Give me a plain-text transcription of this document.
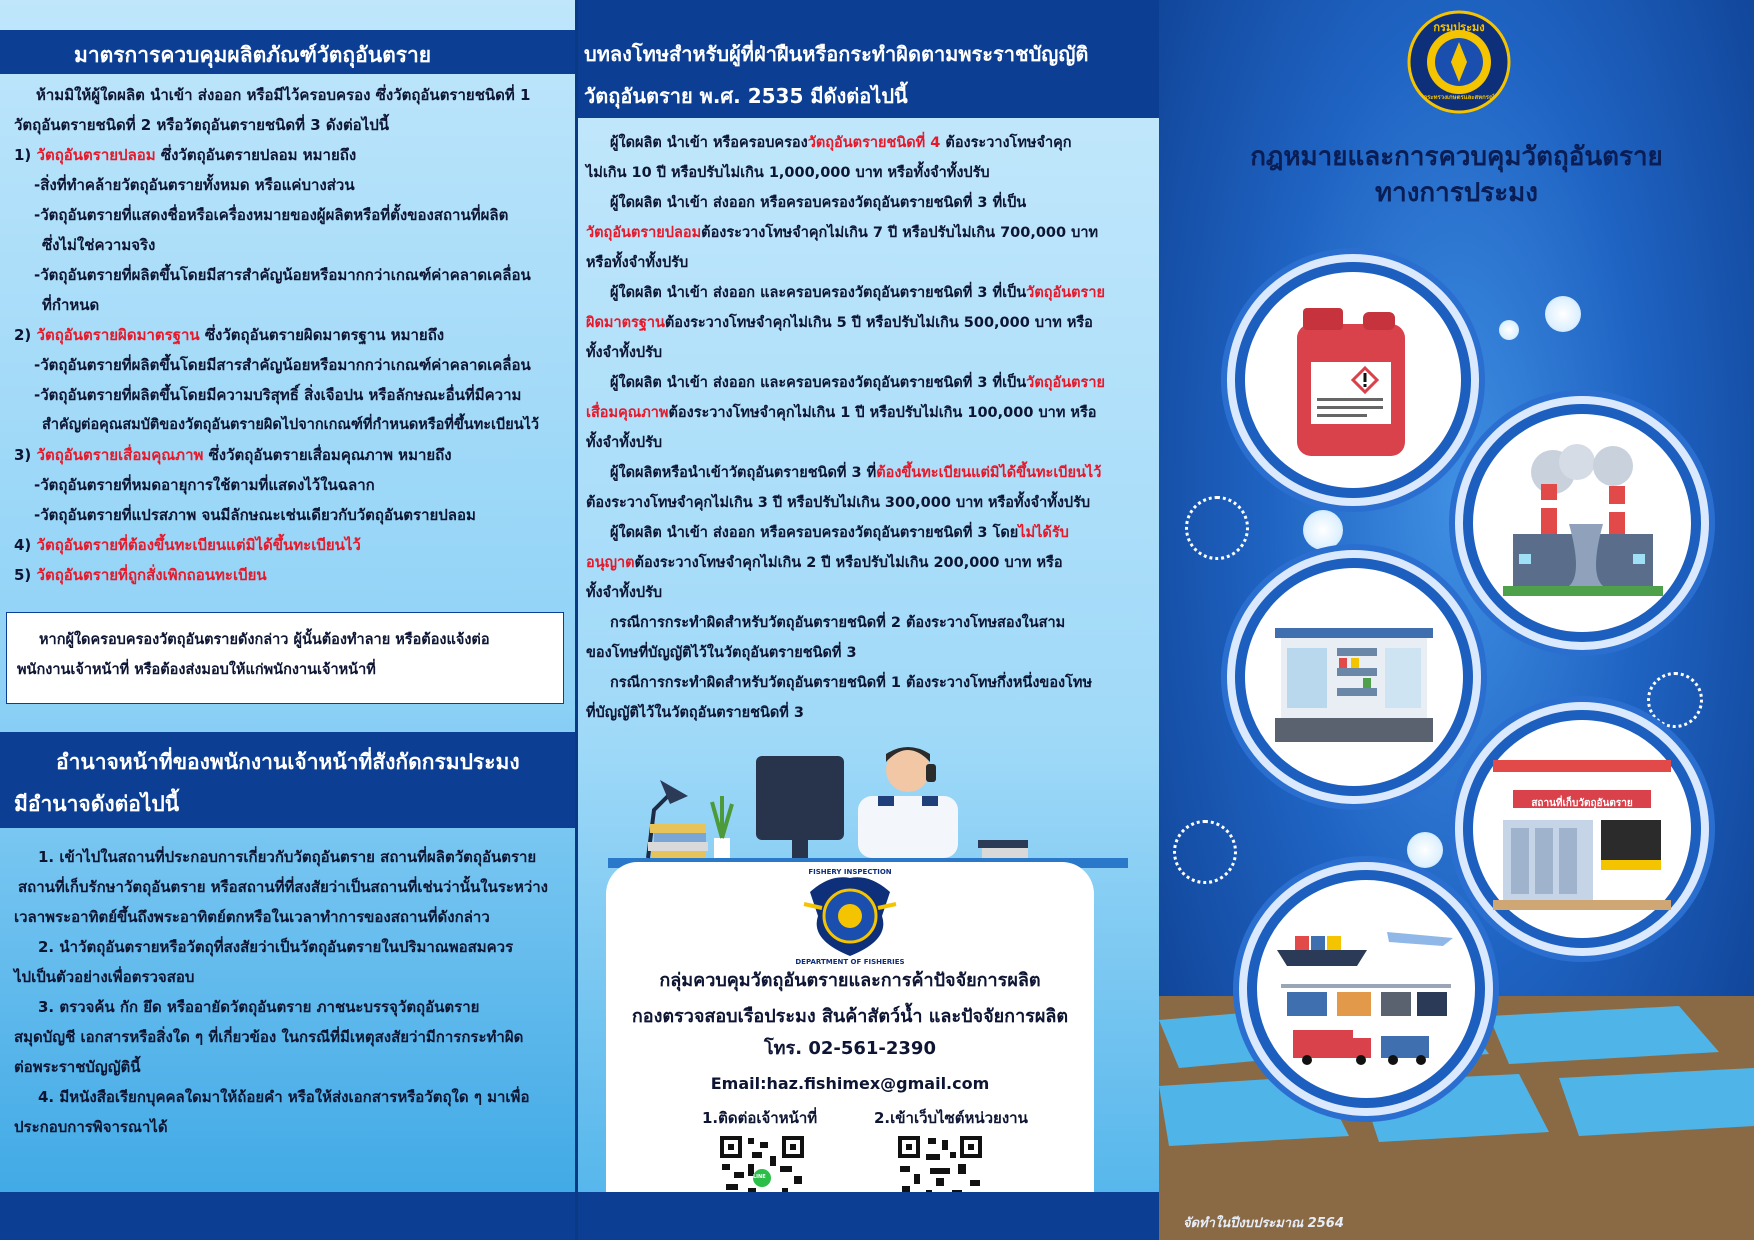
มาตรการควบคุมผลิตภัณฑ์วัตถุอันตราย

ห้ามมิให้ผู้ใดผลิต นำเข้า ส่งออก หรือมีไว้ครอบครอง ซึ่งวัตถุอันตรายชนิดที่ 1

วัตถุอันตรายชนิดที่ 2 หรือวัตถุอันตรายชนิดที่ 3 ดังต่อไปนี้

1) วัตถุอันตรายปลอม ซึ่งวัตถุอันตรายปลอม หมายถึง

-สิ่งที่ทำคล้ายวัตถุอันตรายทั้งหมด หรือแค่บางส่วน

-วัตถุอันตรายที่แสดงชื่อหรือเครื่องหมายของผู้ผลิตหรือที่ตั้งของสถานที่ผลิต

ซึ่งไม่ใช่ความจริง

-วัตถุอันตรายที่ผลิตขึ้นโดยมีสารสำคัญน้อยหรือมากกว่าเกณฑ์ค่าคลาดเคลื่อน

ที่กำหนด

2) วัตถุอันตรายผิดมาตรฐาน ซึ่งวัตถุอันตรายผิดมาตรฐาน หมายถึง

-วัตถุอันตรายที่ผลิตขึ้นโดยมีสารสำคัญน้อยหรือมากกว่าเกณฑ์ค่าคลาดเคลื่อน

-วัตถุอันตรายที่ผลิตขึ้นโดยมีความบริสุทธิ์ สิ่งเจือปน หรือลักษณะอื่นที่มีความ

สำคัญต่อคุณสมบัติของวัตถุอันตรายผิดไปจากเกณฑ์ที่กำหนดหรือที่ขึ้นทะเบียนไว้

3) วัตถุอันตรายเสื่อมคุณภาพ ซึ่งวัตถุอันตรายเสื่อมคุณภาพ หมายถึง

-วัตถุอันตรายที่หมดอายุการใช้ตามที่แสดงไว้ในฉลาก

-วัตถุอันตรายที่แปรสภาพ จนมีลักษณะเช่นเดียวกับวัตถุอันตรายปลอม

4) วัตถุอันตรายที่ต้องขึ้นทะเบียนแต่มิได้ขึ้นทะเบียนไว้

5) วัตถุอันตรายที่ถูกสั่งเพิกถอนทะเบียน

หากผู้ใดครอบครองวัตถุอันตรายดังกล่าว ผู้นั้นต้องทำลาย หรือต้องแจ้งต่อ
พนักงานเจ้าหน้าที่ หรือต้องส่งมอบให้แก่พนักงานเจ้าหน้าที่
อำนาจหน้าที่ของพนักงานเจ้าหน้าที่สังกัดกรมประมง
มีอำนาจดังต่อไปนี้

1. เข้าไปในสถานที่ประกอบการเกี่ยวกับวัตถุอันตราย สถานที่ผลิตวัตถุอันตราย

สถานที่เก็บรักษาวัตถุอันตราย หรือสถานที่ที่สงสัยว่าเป็นสถานที่เช่นว่านั้นในระหว่าง

เวลาพระอาทิตย์ขึ้นถึงพระอาทิตย์ตกหรือในเวลาทำการของสถานที่ดังกล่าว

2. นำวัตถุอันตรายหรือวัตถุที่สงสัยว่าเป็นวัตถุอันตรายในปริมาณพอสมควร

ไปเป็นตัวอย่างเพื่อตรวจสอบ

3. ตรวจค้น กัก ยึด หรืออายัดวัตถุอันตราย ภาชนะบรรจุวัตถุอันตราย

สมุดบัญชี เอกสารหรือสิ่งใด ๆ ที่เกี่ยวข้อง ในกรณีที่มีเหตุสงสัยว่ามีการกระทำผิด

ต่อพระราชบัญญัตินี้

4. มีหนังสือเรียกบุคคลใดมาให้ถ้อยคำ หรือให้ส่งเอกสารหรือวัตถุใด ๆ มาเพื่อ

ประกอบการพิจารณาได้

บทลงโทษสำหรับผู้ที่ฝ่าฝืนหรือกระทำผิดตามพระราชบัญญัติ
วัตถุอันตราย พ.ศ. 2535 มีดังต่อไปนี้

ผู้ใดผลิต นำเข้า หรือครอบครองวัตถุอันตรายชนิดที่ 4 ต้องระวางโทษจำคุก

ไม่เกิน 10 ปี หรือปรับไม่เกิน 1,000,000 บาท หรือทั้งจำทั้งปรับ

ผู้ใดผลิต นำเข้า ส่งออก หรือครอบครองวัตถุอันตรายชนิดที่ 3 ที่เป็น

วัตถุอันตรายปลอมต้องระวางโทษจำคุกไม่เกิน 7 ปี หรือปรับไม่เกิน 700,000 บาท

หรือทั้งจำทั้งปรับ

ผู้ใดผลิต นำเข้า ส่งออก และครอบครองวัตถุอันตรายชนิดที่ 3 ที่เป็นวัตถุอันตราย

ผิดมาตรฐานต้องระวางโทษจำคุกไม่เกิน 5 ปี หรือปรับไม่เกิน 500,000 บาท หรือ

ทั้งจำทั้งปรับ

ผู้ใดผลิต นำเข้า ส่งออก และครอบครองวัตถุอันตรายชนิดที่ 3 ที่เป็นวัตถุอันตราย

เสื่อมคุณภาพต้องระวางโทษจำคุกไม่เกิน 1 ปี หรือปรับไม่เกิน 100,000 บาท หรือ

ทั้งจำทั้งปรับ

ผู้ใดผลิตหรือนำเข้าวัตถุอันตรายชนิดที่ 3 ที่ต้องขึ้นทะเบียนแต่มิได้ขึ้นทะเบียนไว้

ต้องระวางโทษจำคุกไม่เกิน 3 ปี หรือปรับไม่เกิน 300,000 บาท หรือทั้งจำทั้งปรับ

ผู้ใดผลิต นำเข้า ส่งออก หรือครอบครองวัตถุอันตรายชนิดที่ 3 โดยไม่ได้รับ

อนุญาตต้องระวางโทษจำคุกไม่เกิน 2 ปี หรือปรับไม่เกิน 200,000 บาท หรือ

ทั้งจำทั้งปรับ

กรณีการกระทำผิดสำหรับวัตถุอันตรายชนิดที่ 2 ต้องระวางโทษสองในสาม

ของโทษที่บัญญัติไว้ในวัตถุอันตรายชนิดที่ 3

กรณีการกระทำผิดสำหรับวัตถุอันตรายชนิดที่ 1 ต้องระวางโทษกึ่งหนึ่งของโทษ

ที่บัญญัติไว้ในวัตถุอันตรายชนิดที่ 3

FISHERY INSPECTION
DEPARTMENT OF FISHERIES
กลุ่มควบคุมวัตถุอันตรายและการค้าปัจจัยการผลิต
กองตรวจสอบเรือประมง สินค้าสัตว์น้ำ และปัจจัยการผลิต
โทร. 02-561-2390
Email:haz.fishimex@gmail.com
1.ติดต่อเจ้าหน้าที่	2.เข้าเว็บไซต์หน่วยงาน
LINE
กรมประมง
กระทรวงเกษตรและสหกรณ์
กฎหมายและการควบคุมวัตถุอันตราย
ทางการประมง
สถานที่เก็บวัตถุอันตราย
จัดทำในปีงบประมาณ 2564
